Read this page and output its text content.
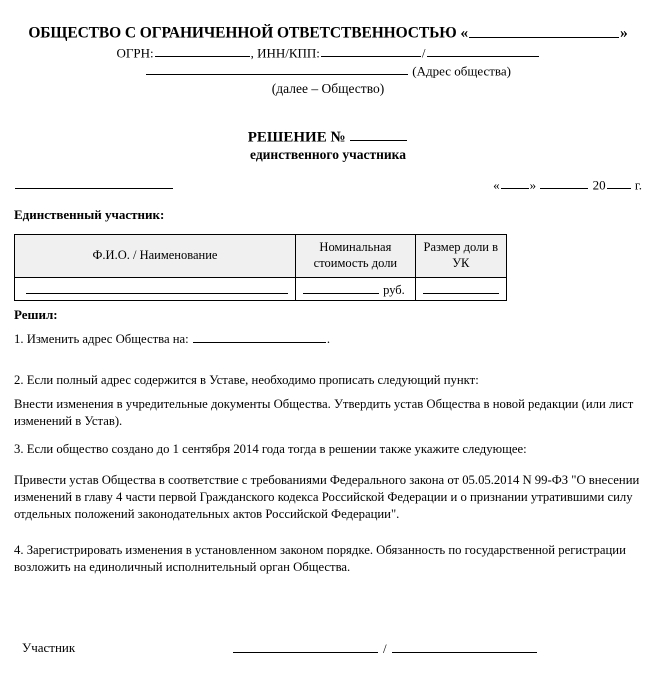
ОБЩЕСТВО С ОГРАНИЧЕННОЙ ОТВЕТСТВЕННОСТЬЮ «	»
ОГРН:	, ИНН/КПП:	/
(Адрес общества)
(далее – Общество)
РЕШЕНИЕ №
единственного участника
« »	20 г.
Единственный участник:
Ф.И.О. / Наименование	Номинальная стоимость доли	Размер доли в УК

	руб.	

Решил:
1. Изменить адрес Общества на:	.
2. Если полный адрес содержится в Уставе, необходимо прописать следующий пункт:
Внести изменения в учредительные документы Общества. Утвердить устав Общества в новой редакции (или лист изменений в Устав).
3. Если общество создано до 1 сентября 2014 года тогда в решении также укажите следующее:
Привести устав Общества в соответствие с требованиями Федерального закона от 05.05.2014 N 99-ФЗ "О внесении изменений в главу 4 части первой Гражданского кодекса Российской Федерации и о признании утратившими силу отдельных положений законодательных актов Российской Федерации".
4. Зарегистрировать изменения в установленном законом порядке. Обязанность по государственной регистрации возложить на единоличный исполнительный орган Общества.
Участник	/
